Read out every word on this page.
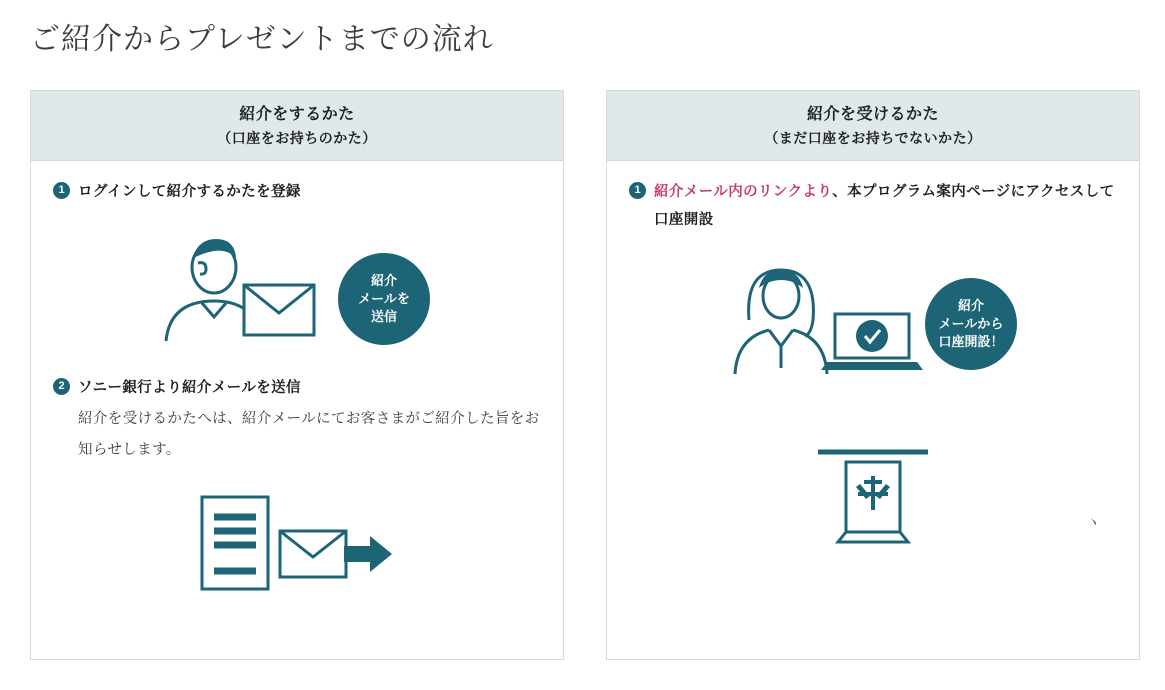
ご紹介からプレゼントまでの流れ
紹介をするかた
（口座をお持ちのかた）
1 ログインして紹介するかたを登録
紹介
メールを
送信
2 ソニー銀行より紹介メールを送信
紹介を受けるかたへは、紹介メールにてお客さまがご紹介した旨をお知らせします。
紹介を受けるかた
（まだ口座をお持ちでないかた）
1 紹介メール内のリンクより、本プログラム案内ページにアクセスして口座開設
紹介
メールから
口座開設！
ヽ
